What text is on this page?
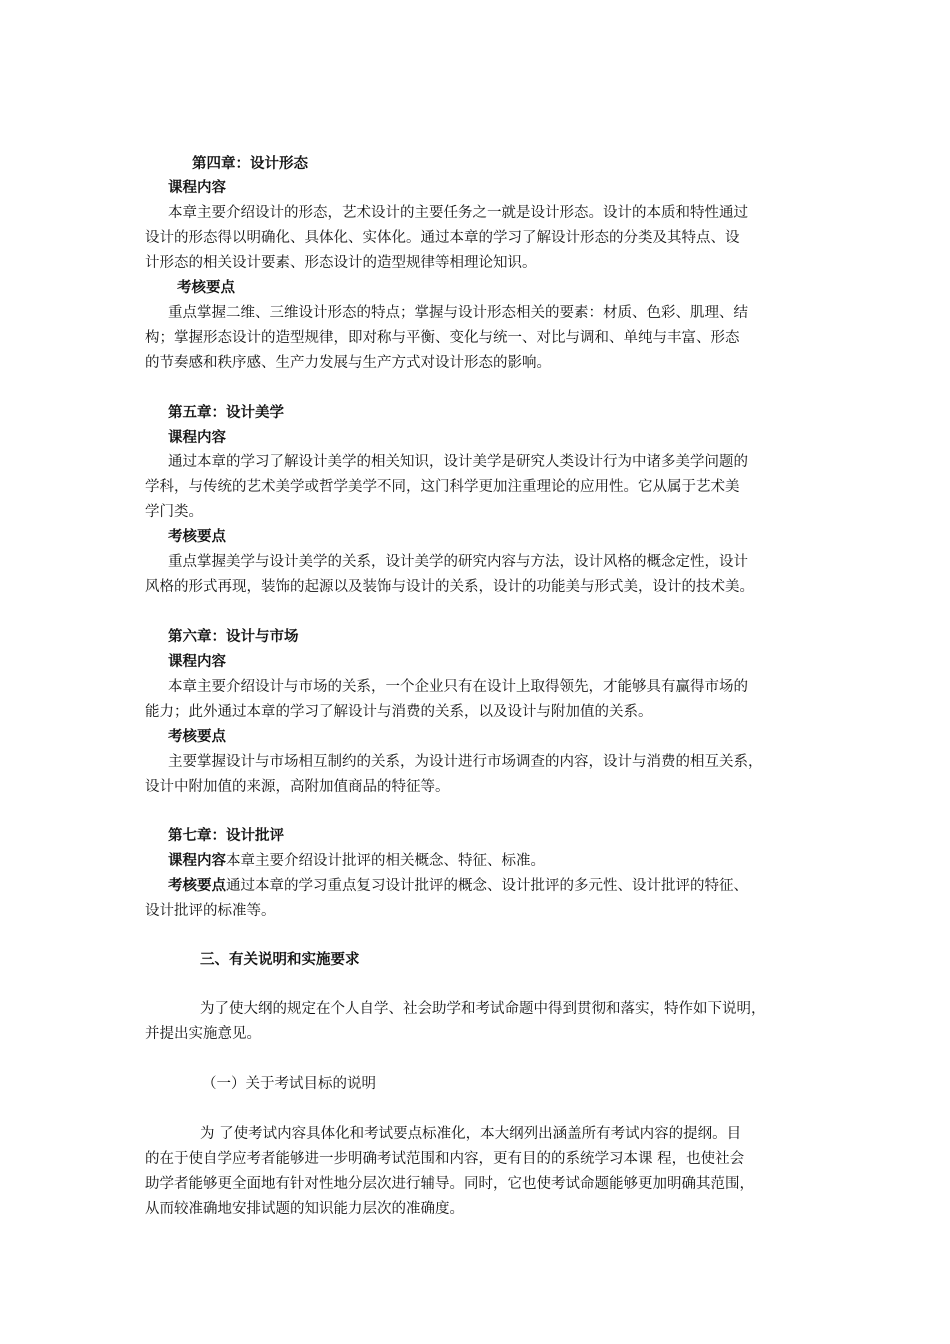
第四章：设计形态
课程内容
本章主要介绍设计的形态，艺术设计的主要任务之一就是设计形态。设计的本质和特性通过
设计的形态得以明确化、具体化、实体化。通过本章的学习了解设计形态的分类及其特点、设
计形态的相关设计要素、形态设计的造型规律等相理论知识。
考核要点
重点掌握二维、三维设计形态的特点；掌握与设计形态相关的要素：材质、色彩、肌理、结
构；掌握形态设计的造型规律，即对称与平衡、变化与统一、对比与调和、单纯与丰富、形态
的节奏感和秩序感、生产力发展与生产方式对设计形态的影响。
第五章：设计美学
课程内容
通过本章的学习了解设计美学的相关知识，设计美学是研究人类设计行为中诸多美学问题的
学科，与传统的艺术美学或哲学美学不同，这门科学更加注重理论的应用性。它从属于艺术美
学门类。
考核要点
重点掌握美学与设计美学的关系，设计美学的研究内容与方法，设计风格的概念定性，设计
风格的形式再现，装饰的起源以及装饰与设计的关系，设计的功能美与形式美，设计的技术美。
第六章：设计与市场
课程内容
本章主要介绍设计与市场的关系，一个企业只有在设计上取得领先，才能够具有赢得市场的
能力；此外通过本章的学习了解设计与消费的关系，以及设计与附加值的关系。
考核要点
主要掌握设计与市场相互制约的关系，为设计进行市场调查的内容，设计与消费的相互关系，
设计中附加值的来源，高附加值商品的特征等。
第七章：设计批评
课程内容本章主要介绍设计批评的相关概念、特征、标准。
考核要点通过本章的学习重点复习设计批评的概念、设计批评的多元性、设计批评的特征、
设计批评的标准等。
三、有关说明和实施要求
为了使大纲的规定在个人自学、社会助学和考试命题中得到贯彻和落实，特作如下说明，
并提出实施意见。
（一）关于考试目标的说明
为 了使考试内容具体化和考试要点标准化，本大纲列出涵盖所有考试内容的提纲。目
的在于使自学应考者能够进一步明确考试范围和内容，更有目的的系统学习本课 程，也使社会
助学者能够更全面地有针对性地分层次进行辅导。同时，它也使考试命题能够更加明确其范围，
从而较准确地安排试题的知识能力层次的准确度。
